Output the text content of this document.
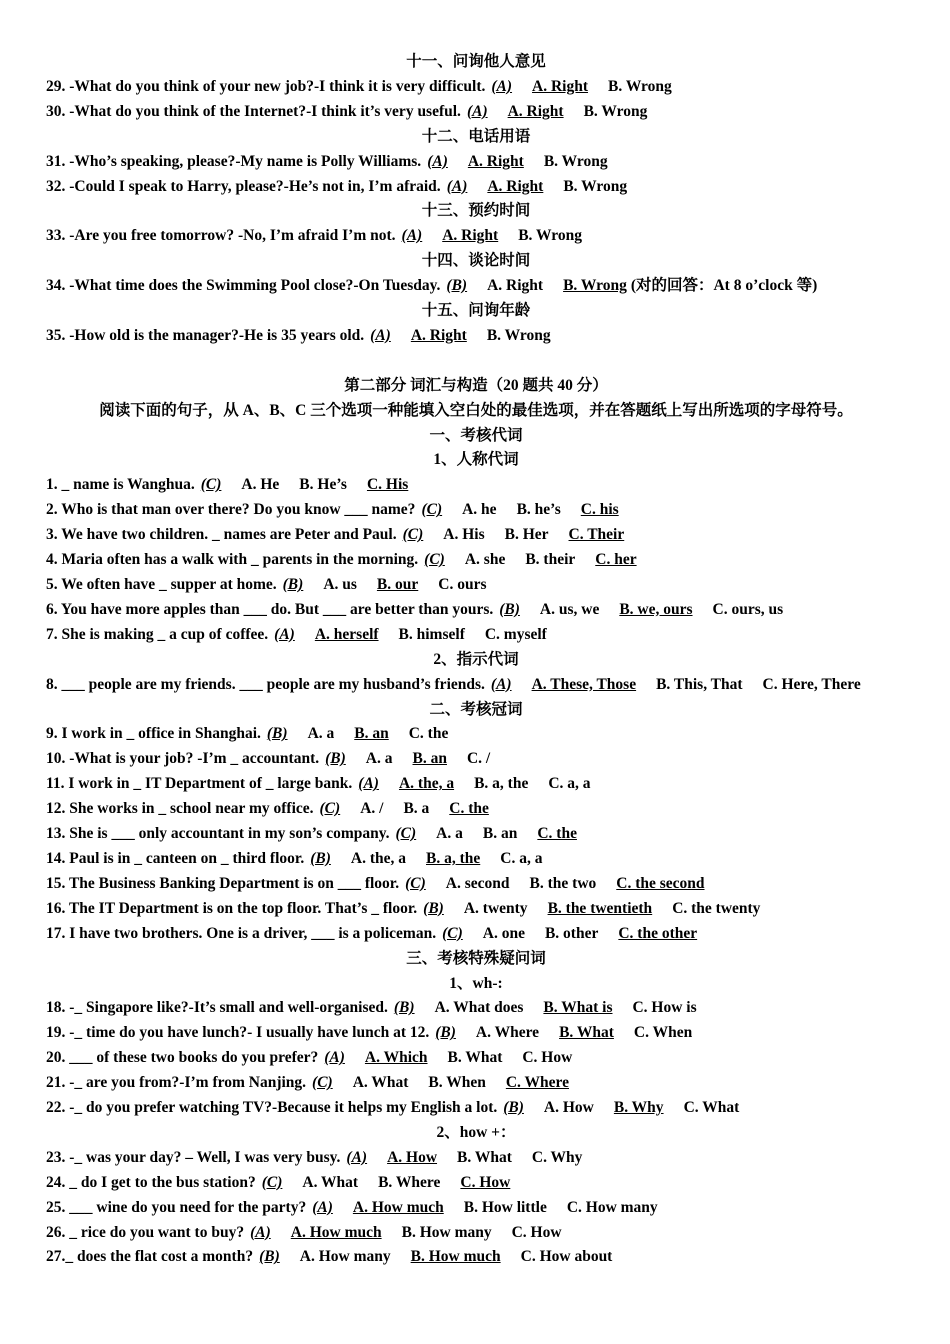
十一、问询他人意见
29. -What do you think of your new job?-I think it is very difficult. (A) A. Right B. Wrong
30. -What do you think of the Internet?-I think it’s very useful. (A) A. Right B. Wrong
十二、电话用语
31. -Who’s speaking, please?-My name is Polly Williams. (A) A. Right B. Wrong
32. -Could I speak to Harry, please?-He’s not in, I’m afraid. (A) A. Right B. Wrong
十三、预约时间
33. -Are you free tomorrow? -No, I’m afraid I’m not. (A) A. Right B. Wrong
十四、谈论时间
34. -What time does the Swimming Pool close?-On Tuesday. (B) A. Right B. Wrong (对的回答：At 8 o’clock 等)
十五、问询年龄
35. -How old is the manager?-He is 35 years old. (A) A. Right B. Wrong
第二部分 词汇与构造（20 题共 40 分）
阅读下面的句子，从 A、B、C 三个选项一种能填入空白处的最佳选项，并在答题纸上写出所选项的字母符号。
一、考核代词
1、人称代词
1. _ name is Wanghua. (C) A. He B. He’s C. His
2. Who is that man over there? Do you know ___ name? (C) A. he B. he’s C. his
3. We have two children. _ names are Peter and Paul. (C) A. His B. Her C. Their
4. Maria often has a walk with _ parents in the morning. (C) A. she B. their C. her
5. We often have _ supper at home. (B) A. us B. our C. ours
6. You have more apples than ___ do. But ___ are better than yours. (B) A. us, we B. we, ours C. ours, us
7. She is making _ a cup of coffee. (A) A. herself B. himself C. myself
2、指示代词
8. ___ people are my friends. ___ people are my husband’s friends. (A) A. These, Those B. This, That C. Here, There
二、考核冠词
9. I work in _ office in Shanghai. (B) A. a B. an C. the
10. -What is your job? -I’m _ accountant. (B) A. a B. an C. /
11. I work in _ IT Department of _ large bank. (A) A. the, a B. a, the C. a, a
12. She works in _ school near my office. (C) A. / B. a C. the
13. She is ___ only accountant in my son’s company. (C) A. a B. an C. the
14. Paul is in _ canteen on _ third floor. (B) A. the, a B. a, the C. a, a
15. The Business Banking Department is on ___ floor. (C) A. second B. the two C. the second
16. The IT Department is on the top floor. That’s _ floor. (B) A. twenty B. the twentieth C. the twenty
17. I have two brothers. One is a driver, ___ is a policeman. (C) A. one B. other C. the other
三、考核特殊疑问词
1、wh-:
18. -_ Singapore like?-It’s small and well-organised. (B) A. What does B. What is C. How is
19. -_ time do you have lunch?- I usually have lunch at 12. (B) A. Where B. What C. When
20. ___ of these two books do you prefer? (A) A. Which B. What C. How
21. -_ are you from?-I’m from Nanjing. (C) A. What B. When C. Where
22. -_ do you prefer watching TV?-Because it helps my English a lot. (B) A. How B. Why C. What
2、how +：
23. -_ was your day? – Well, I was very busy. (A) A. How B. What C. Why
24. _ do I get to the bus station? (C) A. What B. Where C. How
25. ___ wine do you need for the party? (A) A. How much B. How little C. How many
26. _ rice do you want to buy? (A) A. How much B. How many C. How
27._ does the flat cost a month? (B) A. How many B. How much C. How about
